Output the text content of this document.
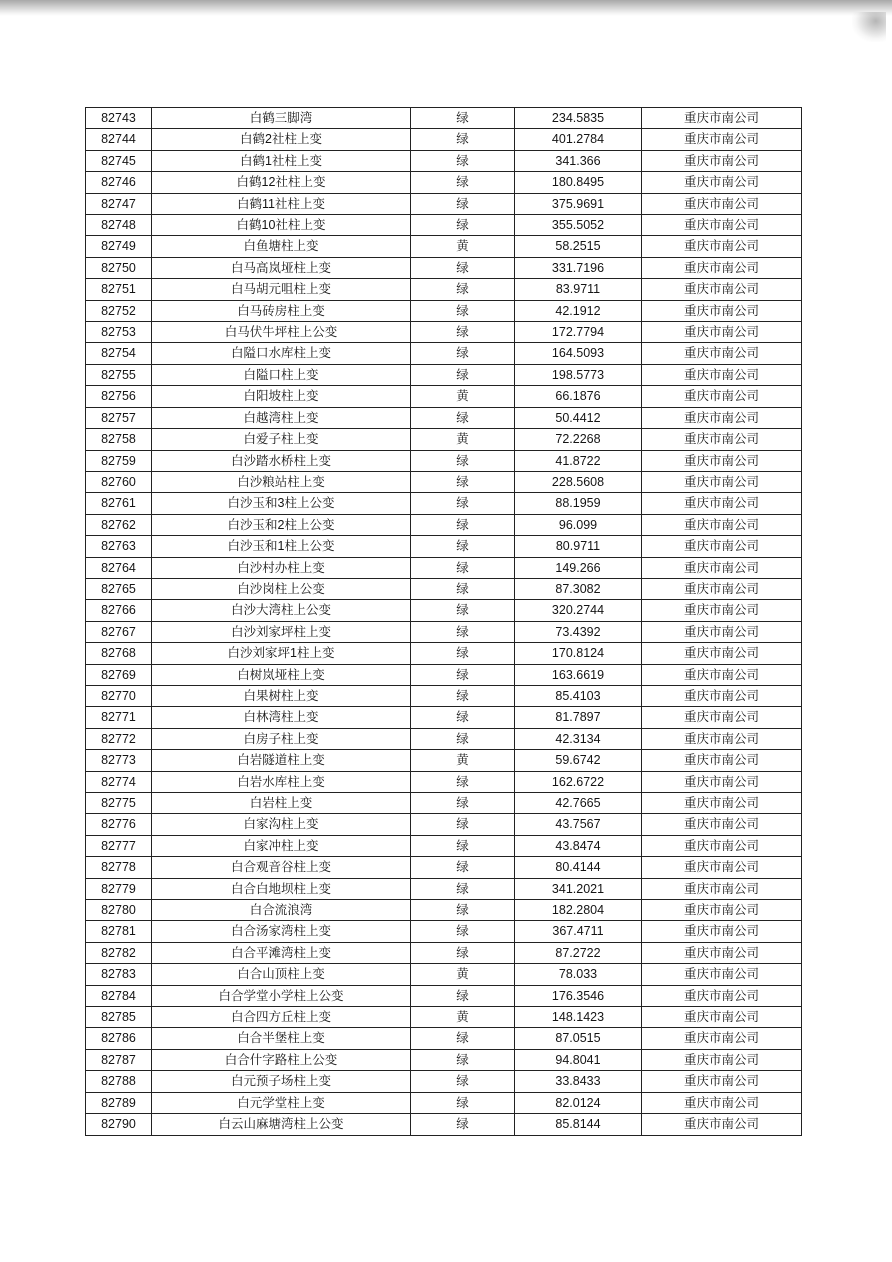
82743	白鹤三脚湾	绿	234.5835	重庆市南公司
82744	白鹤2社柱上变	绿	401.2784	重庆市南公司
82745	白鹤1社柱上变	绿	341.366	重庆市南公司
82746	白鹤12社柱上变	绿	180.8495	重庆市南公司
82747	白鹤11社柱上变	绿	375.9691	重庆市南公司
82748	白鹤10社柱上变	绿	355.5052	重庆市南公司
82749	白鱼塘柱上变	黄	58.2515	重庆市南公司
82750	白马高岚垭柱上变	绿	331.7196	重庆市南公司
82751	白马胡元咀柱上变	绿	83.9711	重庆市南公司
82752	白马砖房柱上变	绿	42.1912	重庆市南公司
82753	白马伏牛坪柱上公变	绿	172.7794	重庆市南公司
82754	白隘口水库柱上变	绿	164.5093	重庆市南公司
82755	白隘口柱上变	绿	198.5773	重庆市南公司
82756	白阳坡柱上变	黄	66.1876	重庆市南公司
82757	白越湾柱上变	绿	50.4412	重庆市南公司
82758	白爱子柱上变	黄	72.2268	重庆市南公司
82759	白沙踏水桥柱上变	绿	41.8722	重庆市南公司
82760	白沙粮站柱上变	绿	228.5608	重庆市南公司
82761	白沙玉和3柱上公变	绿	88.1959	重庆市南公司
82762	白沙玉和2柱上公变	绿	96.099	重庆市南公司
82763	白沙玉和1柱上公变	绿	80.9711	重庆市南公司
82764	白沙村办柱上变	绿	149.266	重庆市南公司
82765	白沙岗柱上公变	绿	87.3082	重庆市南公司
82766	白沙大湾柱上公变	绿	320.2744	重庆市南公司
82767	白沙刘家坪柱上变	绿	73.4392	重庆市南公司
82768	白沙刘家坪1柱上变	绿	170.8124	重庆市南公司
82769	白树岚垭柱上变	绿	163.6619	重庆市南公司
82770	白果树柱上变	绿	85.4103	重庆市南公司
82771	白林湾柱上变	绿	81.7897	重庆市南公司
82772	白房子柱上变	绿	42.3134	重庆市南公司
82773	白岩隧道柱上变	黄	59.6742	重庆市南公司
82774	白岩水库柱上变	绿	162.6722	重庆市南公司
82775	白岩柱上变	绿	42.7665	重庆市南公司
82776	白家沟柱上变	绿	43.7567	重庆市南公司
82777	白家冲柱上变	绿	43.8474	重庆市南公司
82778	白合观音谷柱上变	绿	80.4144	重庆市南公司
82779	白合白地坝柱上变	绿	341.2021	重庆市南公司
82780	白合流浪湾	绿	182.2804	重庆市南公司
82781	白合汤家湾柱上变	绿	367.4711	重庆市南公司
82782	白合平滩湾柱上变	绿	87.2722	重庆市南公司
82783	白合山顶柱上变	黄	78.033	重庆市南公司
82784	白合学堂小学柱上公变	绿	176.3546	重庆市南公司
82785	白合四方丘柱上变	黄	148.1423	重庆市南公司
82786	白合半堡柱上变	绿	87.0515	重庆市南公司
82787	白合什字路柱上公变	绿	94.8041	重庆市南公司
82788	白元预子场柱上变	绿	33.8433	重庆市南公司
82789	白元学堂柱上变	绿	82.0124	重庆市南公司
82790	白云山麻塘湾柱上公变	绿	85.8144	重庆市南公司
